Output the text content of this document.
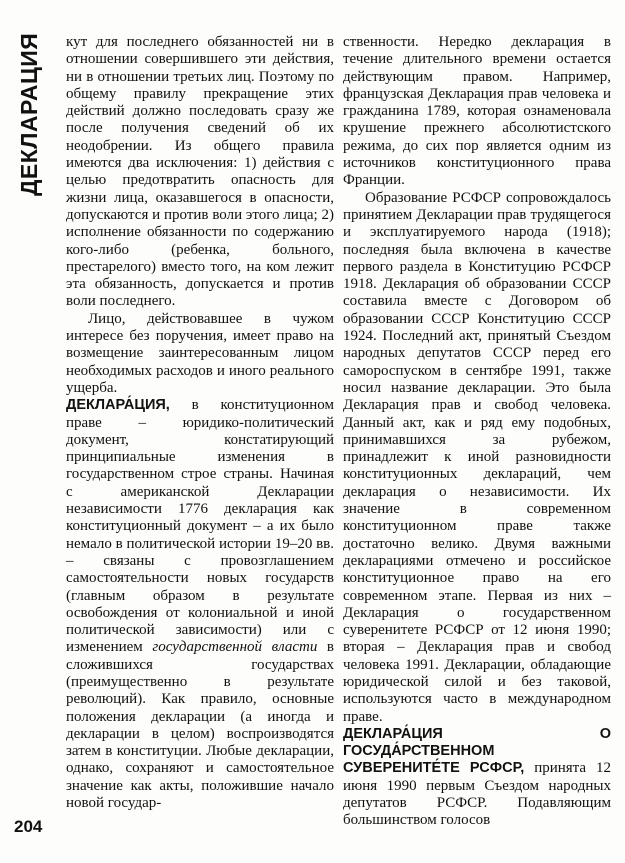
ДЕКЛАРАЦИЯ
204

кут для последнего обязанностей ни в отношении совершившего эти действия, ни в отношении третьих лиц. Поэтому по общему правилу прекращение этих действий должно последовать сразу же после получения сведений об их неодобрении. Из общего правила имеются два исключения: 1) действия с целью предотвратить опасность для жизни лица, оказавшегося в опасности, допускаются и против воли этого лица; 2) исполнение обязанности по содержанию кого-либо (ребенка, больного, престарелого) вместо того, на ком лежит эта обязанность, допускается и против воли последнего.

Лицо, действовавшее в чужом интересе без поручения, имеет право на возмещение заинтересованным лицом необходимых расходов и иного реального ущерба.

ДЕКЛАРА́ЦИЯ, в конституционном праве – юридико-политический документ, констатирующий принципиальные изменения в государственном строе страны. Начиная с американской Декларации независимости 1776 декларация как конституционный документ – а их было немало в политической истории 19–20 вв. – связаны с провозглашением самостоятельности новых государств (главным образом в результате освобождения от колониальной и иной политической зависимости) или с изменением государственной власти в сложившихся государствах (преимущественно в результате революций). Как правило, основные положения декларации (а иногда и декларации в целом) воспроизводятся затем в конституции. Любые декларации, однако, сохраняют и самостоятельное значение как акты, положившие начало новой государ-

ственности. Нередко декларация в течение длительного времени остается действующим правом. Например, французская Декларация прав человека и гражданина 1789, которая ознаменовала крушение прежнего абсолютистского режима, до сих пор является одним из источников конституционного права Франции.

Образование РСФСР сопровождалось принятием Декларации прав трудящегося и эксплуатируемого народа (1918); последняя была включена в качестве первого раздела в Конституцию РСФСР 1918. Декларация об образовании СССР составила вместе с Договором об образовании СССР Конституцию СССР 1924. Последний акт, принятый Съездом народных депутатов СССР перед его самороспуском в сентябре 1991, также носил название декларации. Это была Декларация прав и свобод человека. Данный акт, как и ряд ему подобных, принимавшихся за рубежом, принадлежит к иной разновидности конституционных деклараций, чем декларация о независимости. Их значение в современном конституционном праве также достаточно велико. Двумя важными декларациями отмечено и российское конституционное право на его современном этапе. Первая из них – Декларация о государственном суверенитете РСФСР от 12 июня 1990; вторая – Декларация прав и свобод человека 1991. Декларации, обладающие юридической силой и без таковой, используются часто в международном праве.

ДЕКЛАРА́ЦИЯ О ГОСУДА́РСТВЕННОМ СУВЕРЕНИТЕ́ТЕ РСФСР, принята 12 июня 1990 первым Съездом народных депутатов РСФСР. Подавляющим большинством голосов
